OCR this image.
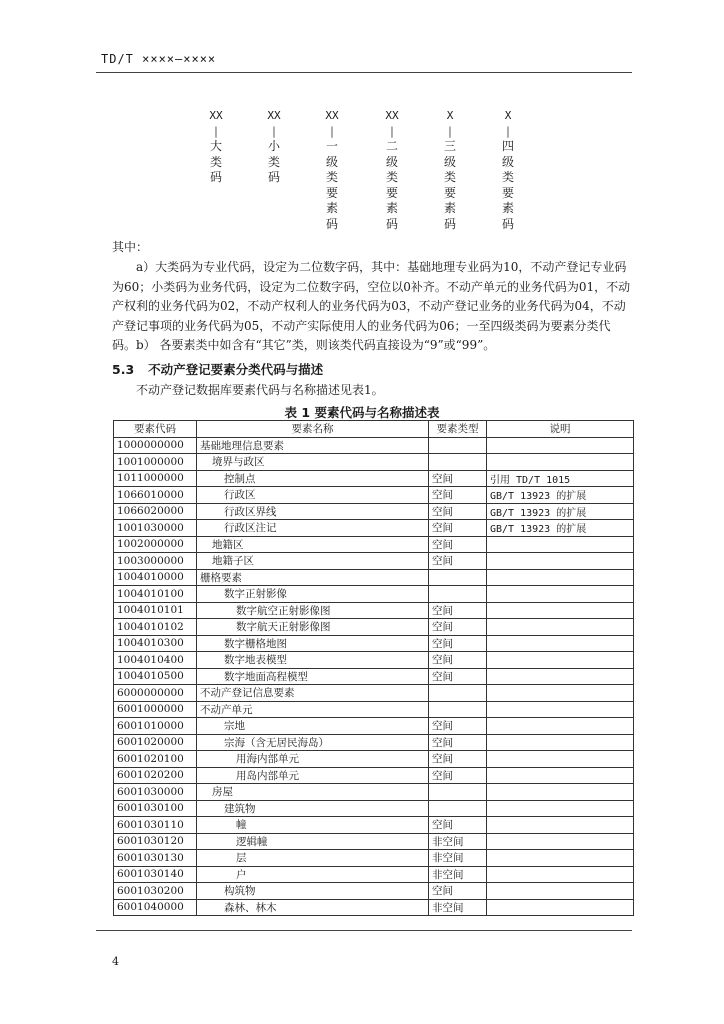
TD/T ××××—××××
XX
|
大
类
码
XX
|
小
类
码
XX
|
一
级
类
要
素
码
XX
|
二
级
类
要
素
码
X
|
三
级
类
要
素
码
X
|
四
级
类
要
素
码
其中：
a）大类码为专业代码，设定为二位数字码，其中：基础地理专业码为10，不动产登记专业码为60；小类码为业务代码，设定为二位数字码，空位以0补齐。不动产单元的业务代码为01，不动产权利的业务代码为02，不动产权利人的业务代码为03，不动产登记业务的业务代码为04，不动产登记事项的业务代码为05，不动产实际使用人的业务代码为06；一至四级类码为要素分类代码。 b） 各要素类中如含有“其它”类，则该类代码直接设为“9”或“99”。
5.3 不动产登记要素分类代码与描述
不动产登记数据库要素代码与名称描述见表1。
表 1 要素代码与名称描述表
要素代码	要素名称	要素类型	说明
1000000000	基础地理信息要素		
1001000000	境界与政区		
1011000000	控制点	空间	引用 TD/T 1015
1066010000	行政区	空间	GB/T 13923 的扩展
1066020000	行政区界线	空间	GB/T 13923 的扩展
1001030000	行政区注记	空间	GB/T 13923 的扩展
1002000000	地籍区	空间	
1003000000	地籍子区	空间	
1004010000	栅格要素		
1004010100	数字正射影像		
1004010101	数字航空正射影像图	空间	
1004010102	数字航天正射影像图	空间	
1004010300	数字栅格地图	空间	
1004010400	数字地表模型	空间	
1004010500	数字地面高程模型	空间	
6000000000	不动产登记信息要素		
6001000000	不动产单元		
6001010000	宗地	空间	
6001020000	宗海（含无居民海岛）	空间	
6001020100	用海内部单元	空间	
6001020200	用岛内部单元	空间	
6001030000	房屋		
6001030100	建筑物		
6001030110	幢	空间	
6001030120	逻辑幢	非空间	
6001030130	层	非空间	
6001030140	户	非空间	
6001030200	构筑物	空间	
6001040000	森林、林木	非空间	
4
